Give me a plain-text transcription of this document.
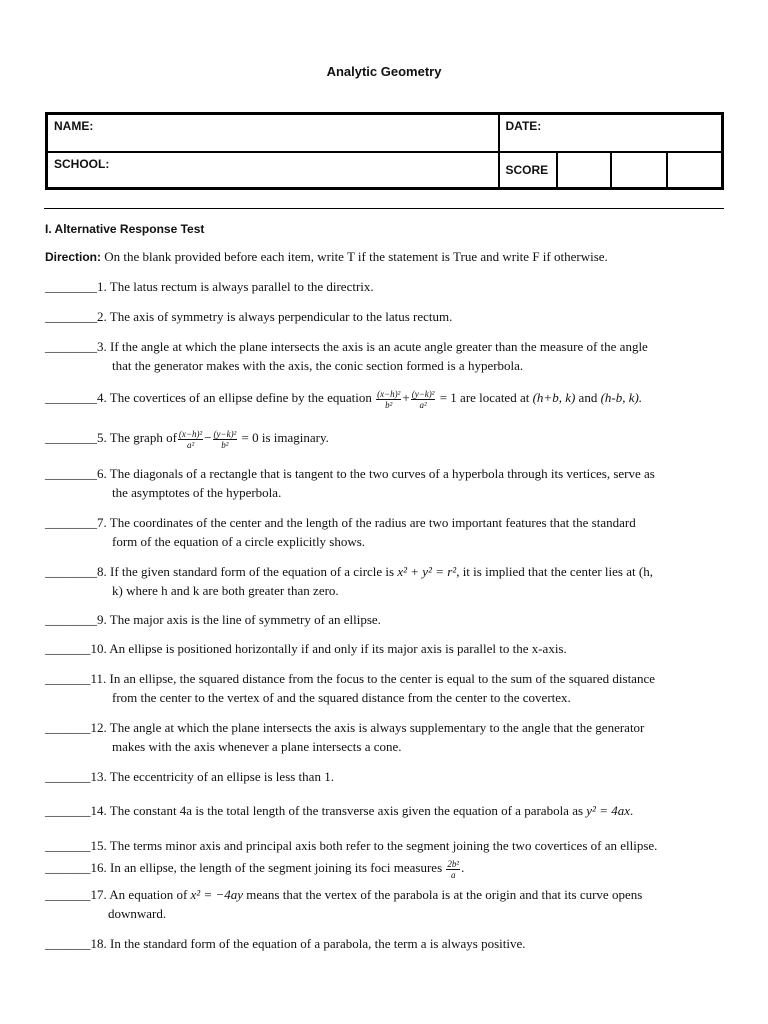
Analytic Geometry
NAME:	DATE:			
SCHOOL:	SCORE			
I. Alternative Response Test
Direction: On the blank provided before each item, write T if the statement is True and write F if otherwise.
________1. The latus rectum is always parallel to the directrix.
________2. The axis of symmetry is always perpendicular to the latus rectum.
________3. If the angle at which the plane intersects the axis is an acute angle greater than the measure of the angle
that the generator makes with the axis, the conic section formed is a hyperbola.
________4. The covertices of an ellipse define by the equation $\frac{\text{(x−h)²}}{\text{b²}} + \frac{\text{(y−k)²}}{\text{a²}} = 1$ are located at (h+b, k) and (h-b, k).
________5. The graph of $\frac{\text{(x−h)²}}{\text{a²}} - \frac{\text{(y−k)²}}{\text{b²}} = 0$ is imaginary.
________6. The diagonals of a rectangle that is tangent to the two curves of a hyperbola through its vertices, serve as
the asymptotes of the hyperbola.
________7. The coordinates of the center and the length of the radius are two important features that the standard
form of the equation of a circle explicitly shows.
________8. If the given standard form of the equation of a circle is x² + y² = r², it is implied that the center lies at (h,
k) where h and k are both greater than zero.
________9. The major axis is the line of symmetry of an ellipse.
_______10. An ellipse is positioned horizontally if and only if its major axis is parallel to the x-axis.
_______11. In an ellipse, the squared distance from the focus to the center is equal to the sum of the squared distance
from the center to the vertex of and the squared distance from the center to the covertex.
_______12. The angle at which the plane intersects the axis is always supplementary to the angle that the generator
makes with the axis whenever a plane intersects a cone.
_______13. The eccentricity of an ellipse is less than 1.
_______14. The constant 4a is the total length of the transverse axis given the equation of a parabola as y² = 4ax.
_______15. The terms minor axis and principal axis both refer to the segment joining the two covertices of an ellipse.
_______16. In an ellipse, the length of the segment joining its foci measures $\frac{\text{2b²}}{a}$ .
_______17. An equation of x² = −4ay means that the vertex of the parabola is at the origin and that its curve opens
downward.
_______18. In the standard form of the equation of a parabola, the term a is always positive.
